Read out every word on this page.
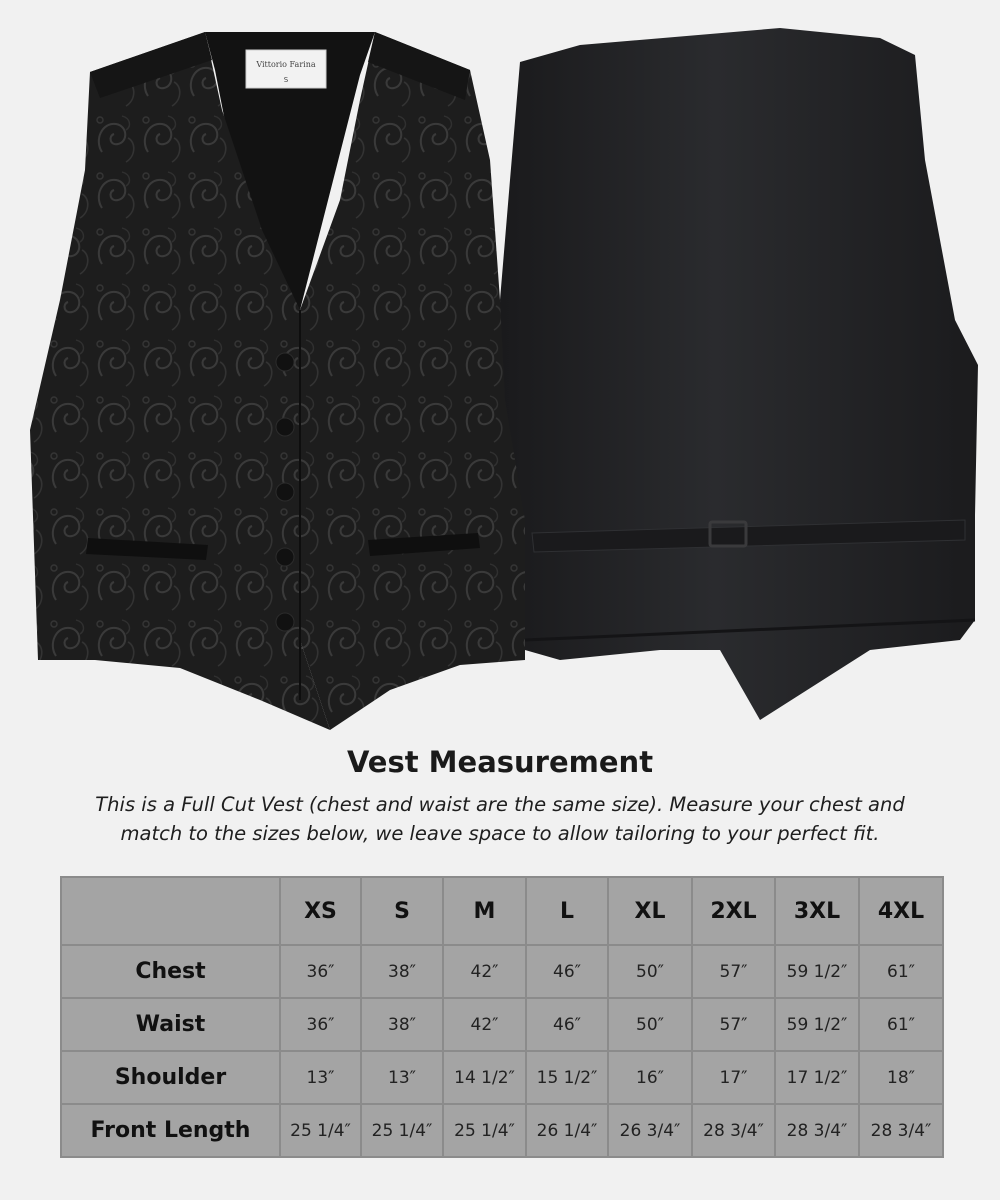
Vittorio Farina
S
Vest Measurement
This is a Full Cut Vest (chest and waist are the same size). Measure your chest and
match to the sizes below, we leave space to allow tailoring to your perfect fit.
	XS	S	M	L	XL	2XL	3XL	4XL
Chest	36″	38″	42″	46″	50″	57″	59 1/2″	61″
Waist	36″	38″	42″	46″	50″	57″	59 1/2″	61″
Shoulder	13″	13″	14 1/2″	15 1/2″	16″	17″	17 1/2″	18″
Front Length	25 1/4″	25 1/4″	25 1/4″	26 1/4″	26 3/4″	28 3/4″	28 3/4″	28 3/4″
